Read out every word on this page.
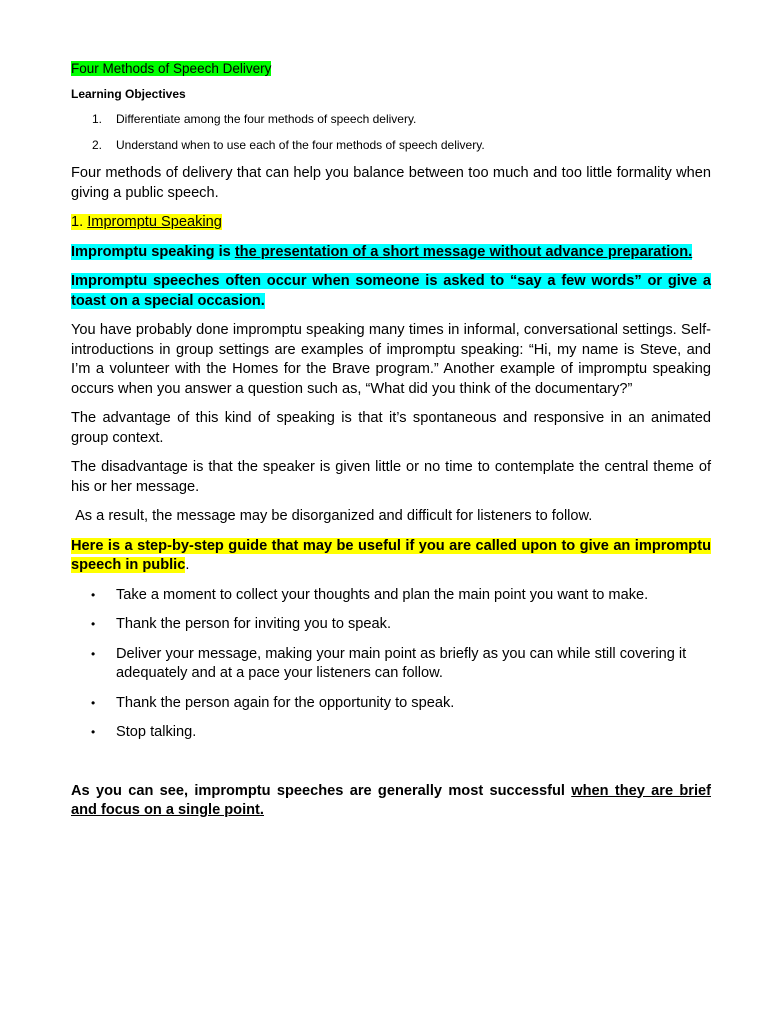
Four Methods of Speech Delivery

Learning Objectives

1. Differentiate among the four methods of speech delivery.
2. Understand when to use each of the four methods of speech delivery.

Four methods of delivery that can help you balance between too much and too little formality when giving a public speech.

1. Impromptu Speaking

Impromptu speaking is the presentation of a short message without advance preparation.

Impromptu speeches often occur when someone is asked to “say a few words” or give a toast on a special occasion.

You have probably done impromptu speaking many times in informal, conversational settings. Self-introductions in group settings are examples of impromptu speaking: “Hi, my name is Steve, and I’m a volunteer with the Homes for the Brave program.” Another example of impromptu speaking occurs when you answer a question such as, “What did you think of the documentary?”

The advantage of this kind of speaking is that it’s spontaneous and responsive in an animated group context.

The disadvantage is that the speaker is given little or no time to contemplate the central theme of his or her message.

As a result, the message may be disorganized and difficult for listeners to follow.

Here is a step-by-step guide that may be useful if you are called upon to give an impromptu speech in public.

• Take a moment to collect your thoughts and plan the main point you want to make.
• Thank the person for inviting you to speak.
• Deliver your message, making your main point as briefly as you can while still covering it adequately and at a pace your listeners can follow.
• Thank the person again for the opportunity to speak.
• Stop talking.

As you can see, impromptu speeches are generally most successful when they are brief and focus on a single point.
